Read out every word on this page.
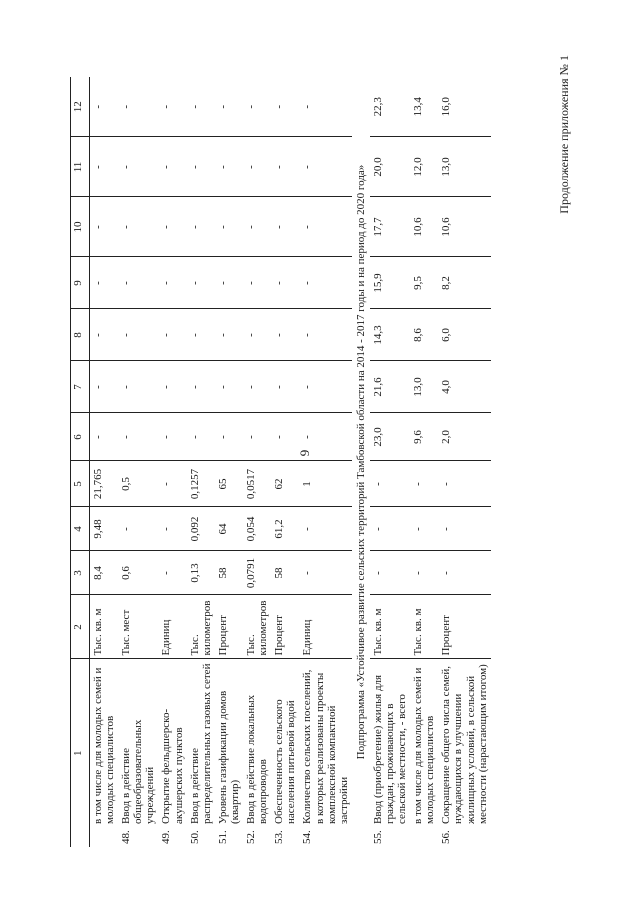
9
Продолжение приложения № 1
1		2	3	4	5	6	7	8	9	10	11	12
	в том числе для молодых семей и молодых специалистов	Тыс. кв. м	8,4	9,48	21,765	-	-	-	-	-	-	-
48.	Ввод в действие общеобразовательных учреждений	Тыс. мест	0,6	-	0,5	-	-	-	-	-	-	-
49.	Открытие фельдшерско-акушерских пунктов	Единиц	-	-	-	-	-	-	-	-	-	-
50.	Ввод в действие распределительных газовых сетей	Тыс. километров	0,13	0,092	0,1257	-	-	-	-	-	-	-
51.	Уровень газификации домов (квартир)	Процент	58	64	65	-	-	-	-	-	-	-
52.	Ввод в действие локальных водопроводов	Тыс. километров	0,0791	0,054	0,0517	-	-	-	-	-	-	-
53.	Обеспеченность сельского населения питьевой водой	Процент	58	61,2	62	-	-	-	-	-	-	-
54.	Количество сельских поселений, в которых реализованы проекты комплексной компактной застройки	Единиц	-	-	1	-	-	-	-	-	-	-
Подпрограмма «Устойчивое развитие сельских территорий Тамбовской области на 2014 - 2017 годы и на период до 2020 года»												
55.	Ввод (приобретение) жилья для граждан, проживающих в сельской местности, - всего	Тыс. кв. м	-	-	-	23,0	21,6	14,3	15,9	17,7	20,0	22,3
	в том числе для молодых семей и молодых специалистов	Тыс. кв. м	-	-	-	9,6	13,0	8,6	9,5	10,6	12,0	13,4
56.	Сокращение общего числа семей, нуждающихся в улучшении жилищных условий, в сельской местности (нарастающим итогом)	Процент	-	-	-	2,0	4,0	6,0	8,2	10,6	13,0	16,0
